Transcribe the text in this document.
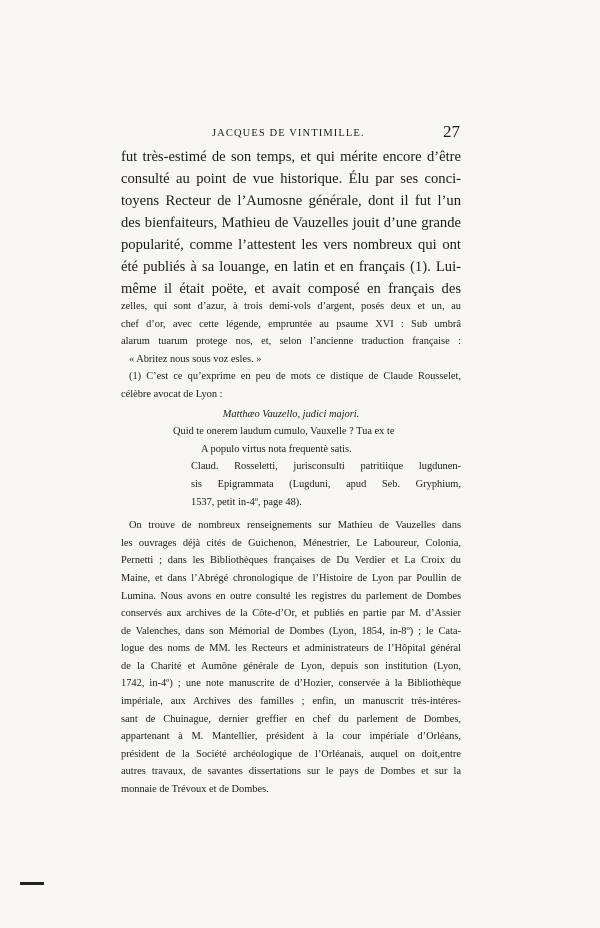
JACQUES DE VINTIMILLE.	27
fut très-estimé de son temps, et qui mérite encore d’être
consulté au point de vue historique. Élu par ses conci-
toyens Recteur de l’Aumosne générale, dont il fut l’un
des bienfaiteurs, Mathieu de Vauzelles jouit d’une grande
popularité, comme l’attestent les vers nombreux qui ont
été publiés à sa louange, en latin et en français (1). Lui-
même il était poëte, et avait composé en français des
zelles, qui sont d’azur, à trois demi-vols d’argent, posés deux et un, au
chef d’or, avec cette légende, empruntée au psaume XVI : Sub umbrâ
alarum tuarum protege nos, et, selon l’ancienne traduction française :
« Abritez nous sous voz esles. »
(1) C’est ce qu’exprime en peu de mots ce distique de Claude Rousselet,
célèbre avocat de Lyon :
Matthæo Vauzello, judici majori.
Quid te onerem laudum cumulo, Vauxelle ? Tua ex te
A populo virtus nota frequentè satis.
Claud. Rosseletti, jurisconsulti patritiique lugdunen-
sis Epigrammata (Lugduni, apud Seb. Gryphium,
1537, petit in-4º, page 48).
On trouve de nombreux renseignements sur Mathieu de Vauzelles dans
les ouvrages déjà cités de Guichenon, Ménestrier, Le Laboureur, Colonia,
Pernetti ; dans les Bibliothèques françaises de Du Verdier et La Croix du
Maine, et dans l’Abrégé chronologique de l’Histoire de Lyon par Poullin de
Lumina. Nous avons en outre consulté les registres du parlement de Dombes
conservés aux archives de la Côte-d’Or, et publiés en partie par M. d’Assier
de Valenches, dans son Mémorial de Dombes (Lyon, 1854, in-8º) ; le Cata-
logue des noms de MM. les Recteurs et administrateurs de l’Hôpital général
de la Charité et Aumône générale de Lyon, depuis son institution (Lyon,
1742, in-4º) ; une note manuscrite de d’Hozier, conservée à la Bibliothèque
impériale, aux Archives des familles ; enfin, un manuscrit très-intéres-
sant de Chuinague, dernier greffier en chef du parlement de Dombes,
appartenant à M. Mantellier, président à la cour impériale d’Orléans,
président de la Société archéologique de l’Orléanais, auquel on doit,entre
autres travaux, de savantes dissertations sur le pays de Dombes et sur la
monnaie de Trévoux et de Dombes.
